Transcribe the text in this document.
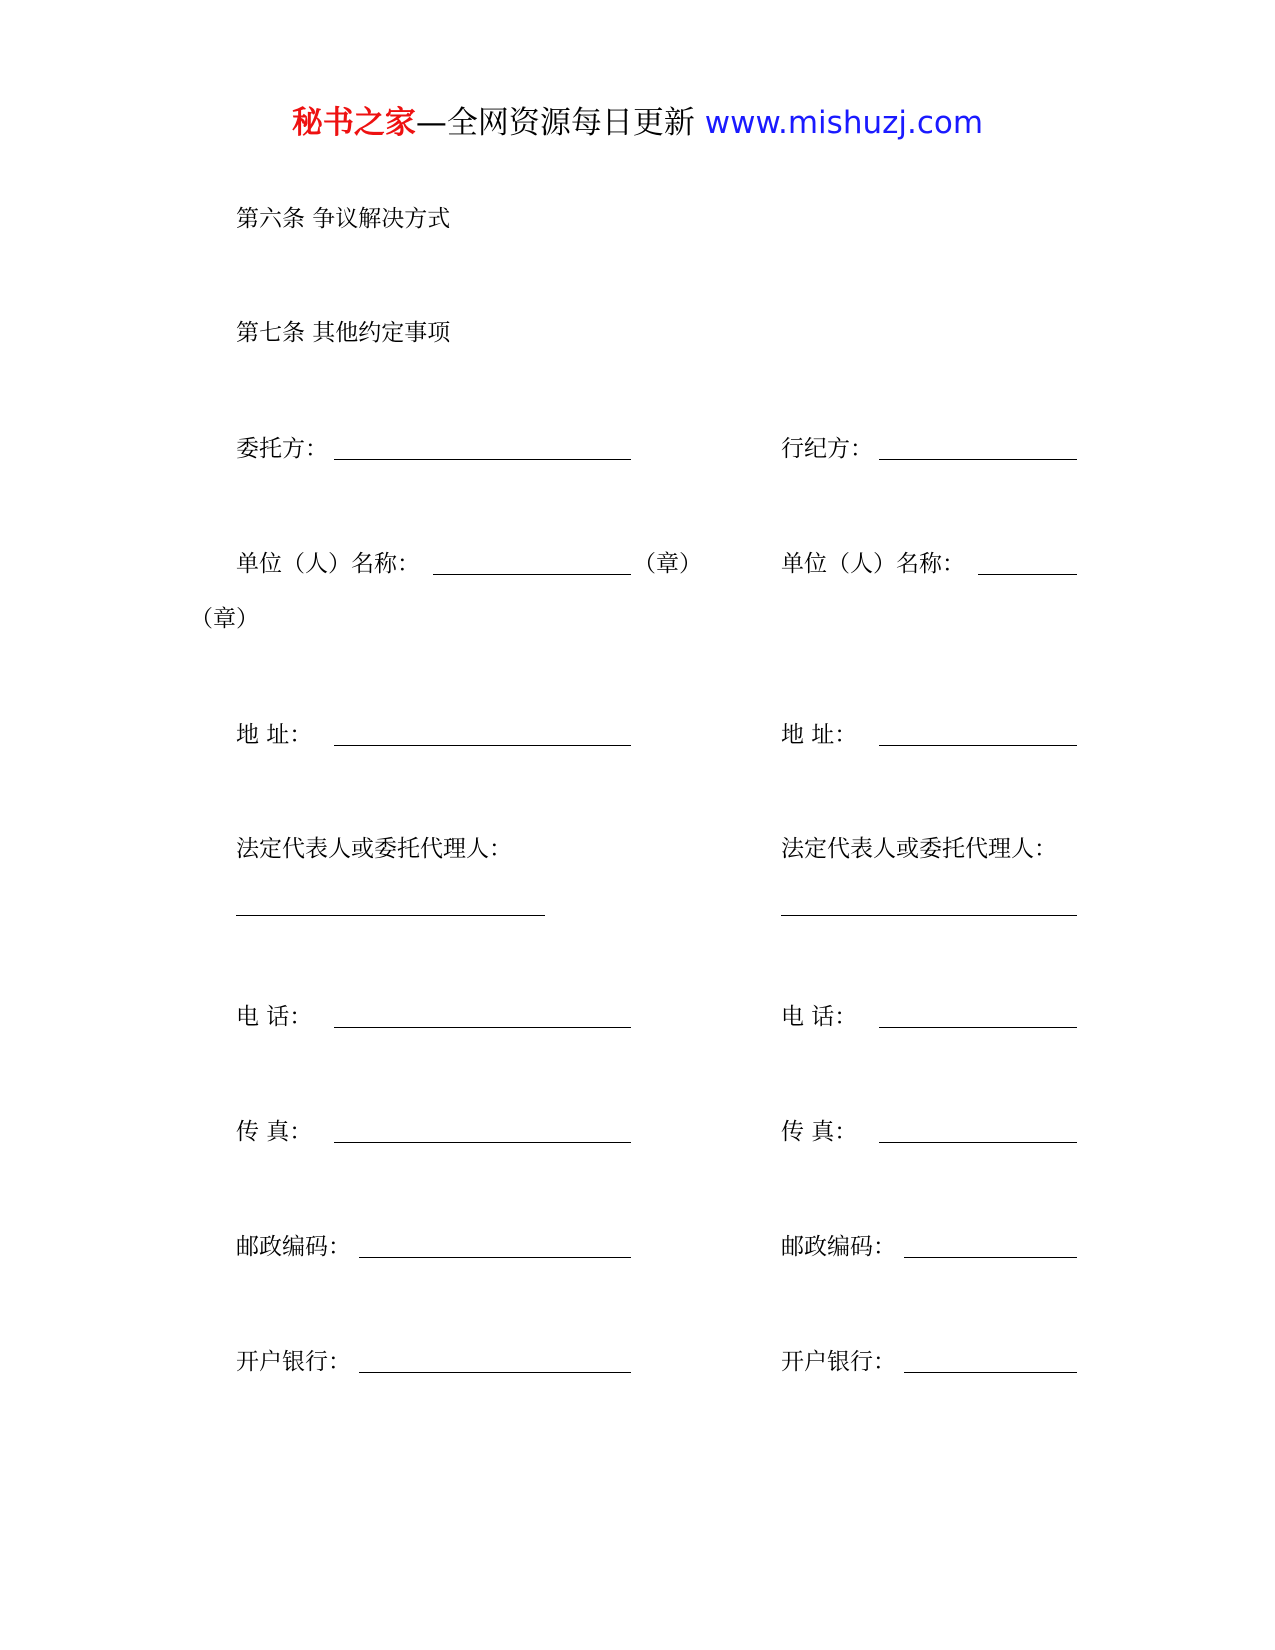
秘书之家—全网资源每日更新 www.mishuzj.com
第六条 争议解决方式
第七条 其他约定事项
委托方：	行纪方：
单位（人）名称：	（章）	单位（人）名称：
（章）
地 址：	地 址：
法定代表人或委托代理人：	法定代表人或委托代理人：
电 话：	电 话：
传 真：	传 真：
邮政编码：	邮政编码：
开户银行：	开户银行：
